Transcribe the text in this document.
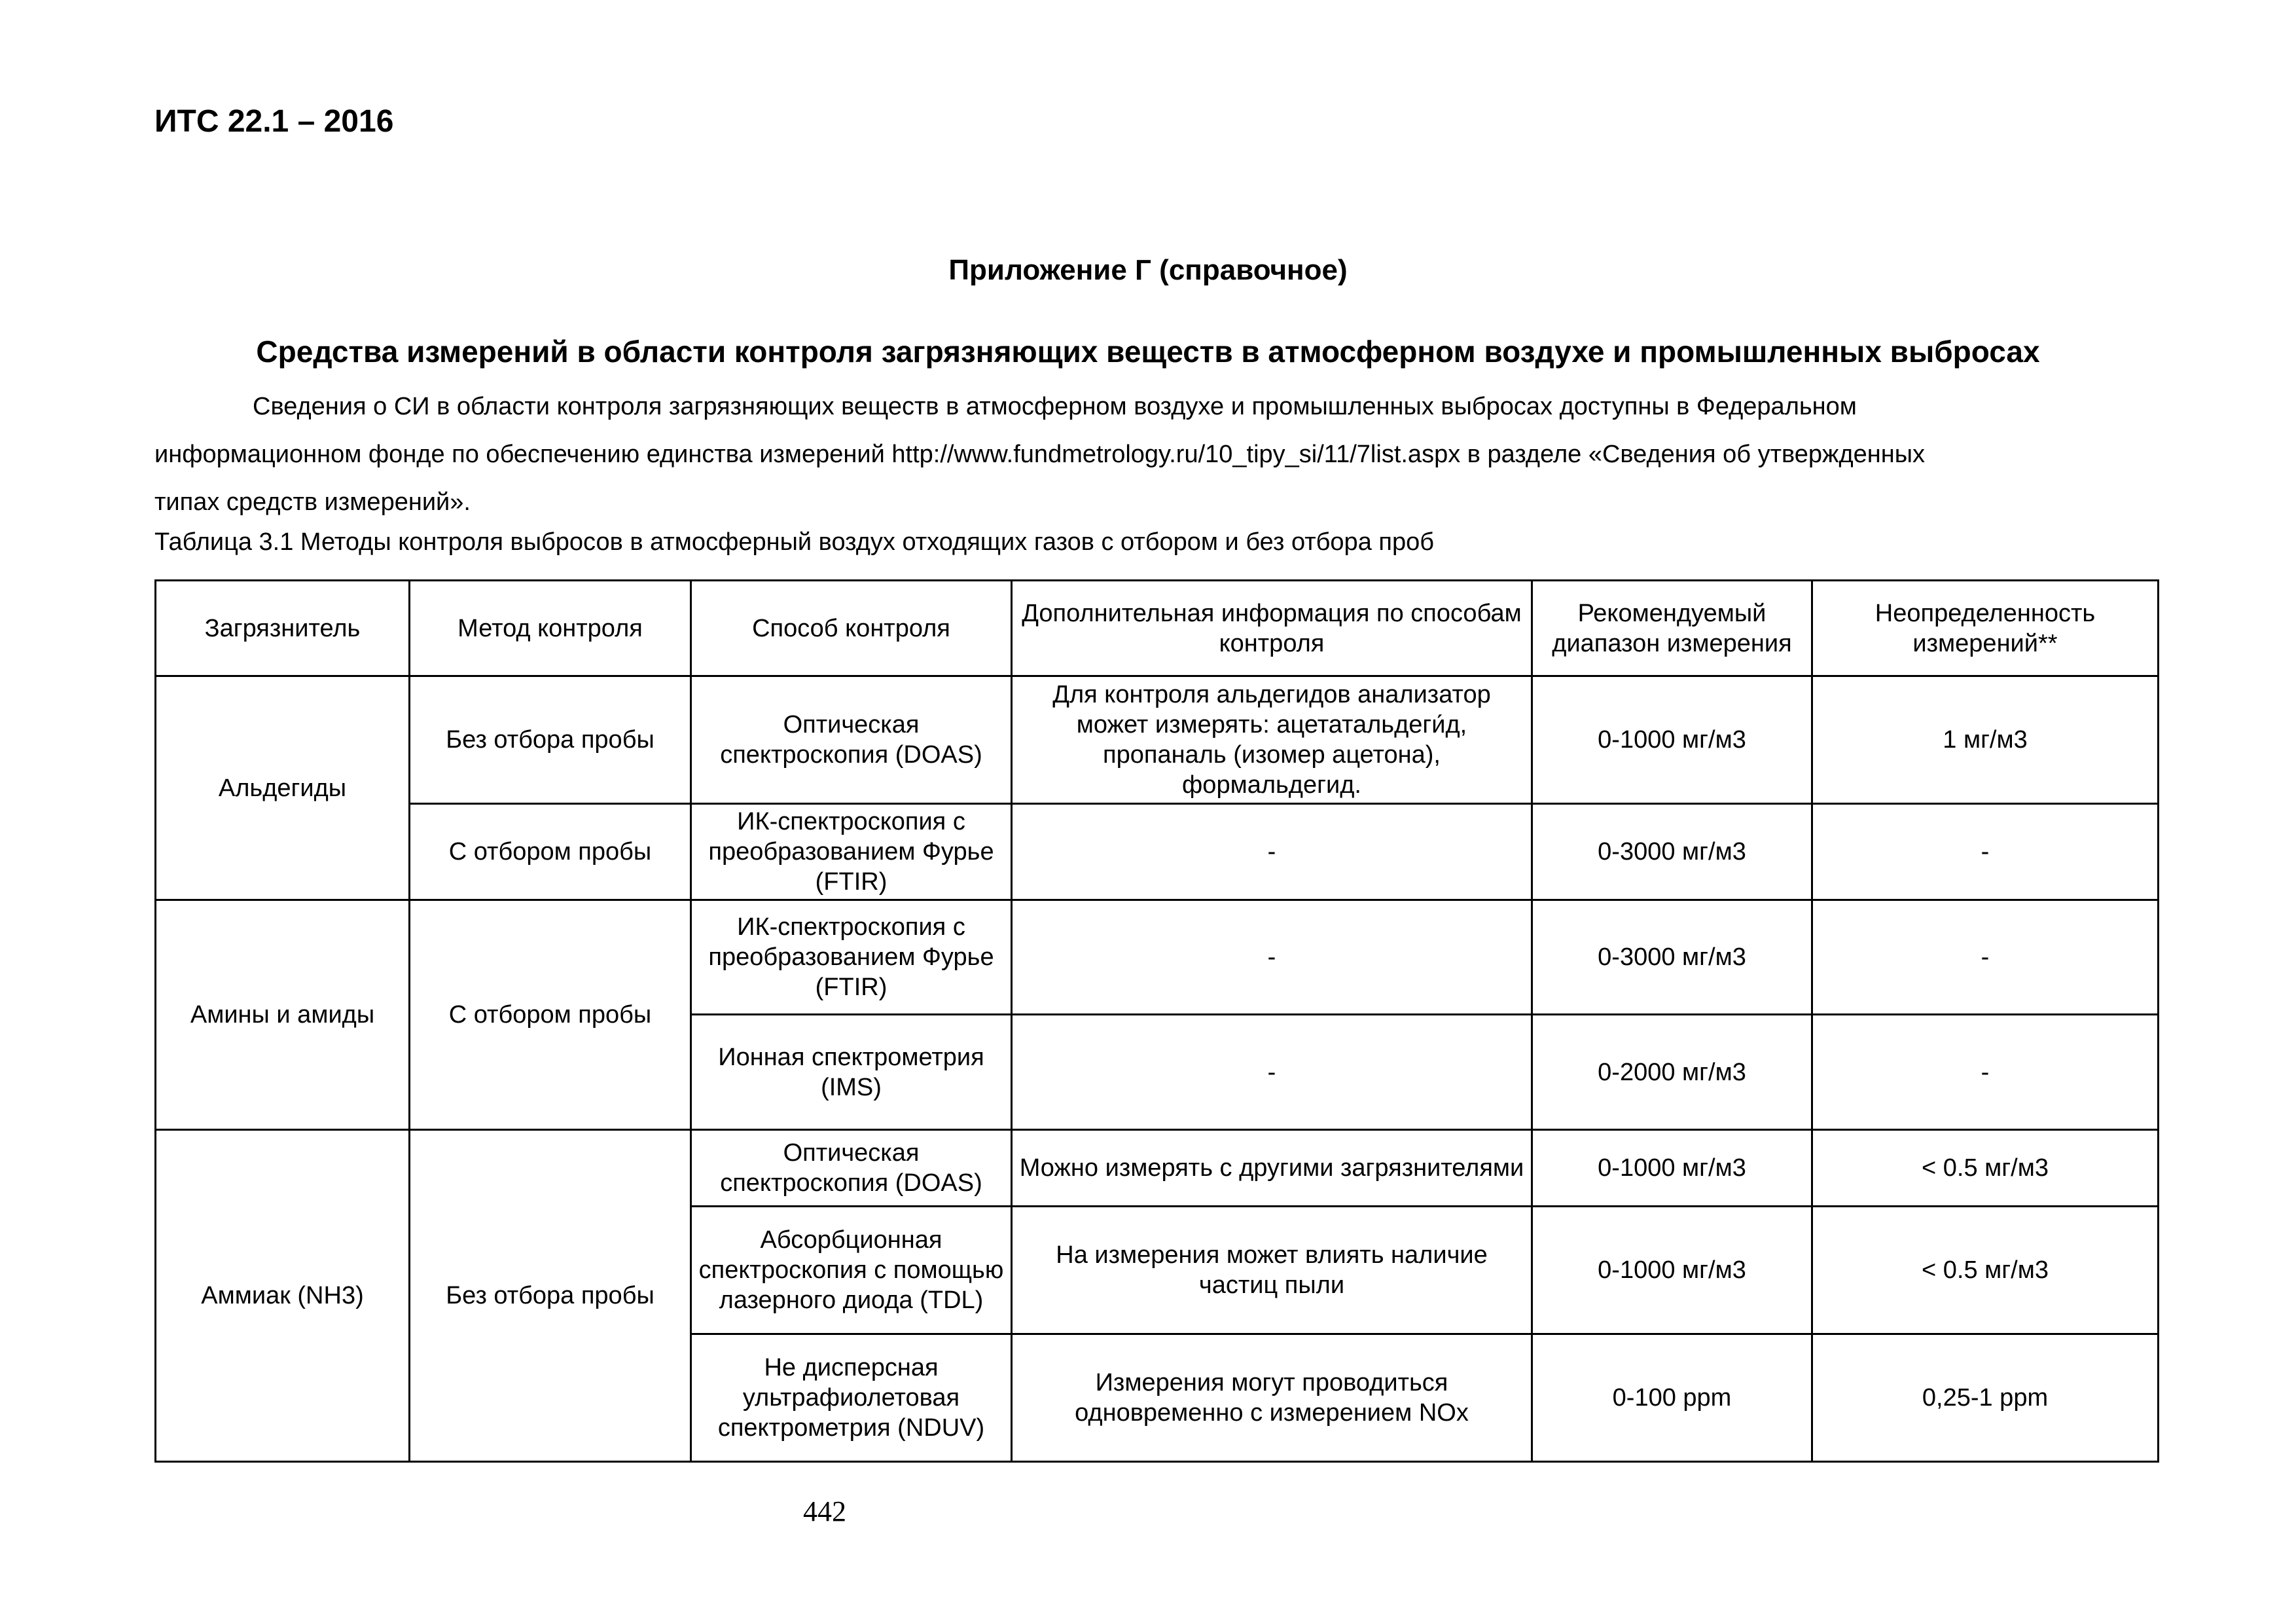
ИТС 22.1 – 2016
Приложение Г (справочное)
Средства измерений в области контроля загрязняющих веществ в атмосферном воздухе и промышленных выбросах

Сведения о СИ в области контроля загрязняющих веществ в атмосферном воздухе и промышленных выбросах доступны в Федеральном

информационном фонде по обеспечению единства измерений http://www.fundmetrology.ru/10_tipy_si/11/7list.aspx в разделе «Сведения об утвержденных

типах средств измерений».

Таблица 3.1 Методы контроля выбросов в атмосферный воздух отходящих газов с отбором и без отбора проб
Загрязнитель	Метод контроля	Способ контроля	Дополнительная информация по способам контроля	Рекомендуемый диапазон измерения	Неопределенность измерений**
Альдегиды	Без отбора пробы	Оптическая спектроскопия (DOAS)	Для контроля альдегидов анализатор может измерять: ацетатальдеги́д, пропаналь (изомер ацетона), формальдегид.	0-1000 мг/м3	1 мг/м3
	С отбором пробы	ИК-спектроскопия с преобразованием Фурье (FTIR)	-	0-3000 мг/м3	-
Амины и амиды	С отбором пробы	ИК-спектроскопия с преобразованием Фурье (FTIR)	-	0-3000 мг/м3	-
		Ионная спектрометрия (IMS)	-	0-2000 мг/м3	-
Аммиак (NH3)	Без отбора пробы	Оптическая спектроскопия (DOAS)	Можно измерять с другими загрязнителями	0-1000 мг/м3	< 0.5 мг/м3
		Абсорбционная спектроскопия с помощью лазерного диода (TDL)	На измерения может влиять наличие частиц пыли	0-1000 мг/м3	< 0.5 мг/м3
		Не дисперсная ультрафиолетовая спектрометрия (NDUV)	Измерения могут проводиться одновременно с измерением NOx	0-100 ppm	0,25-1 ppm
442
